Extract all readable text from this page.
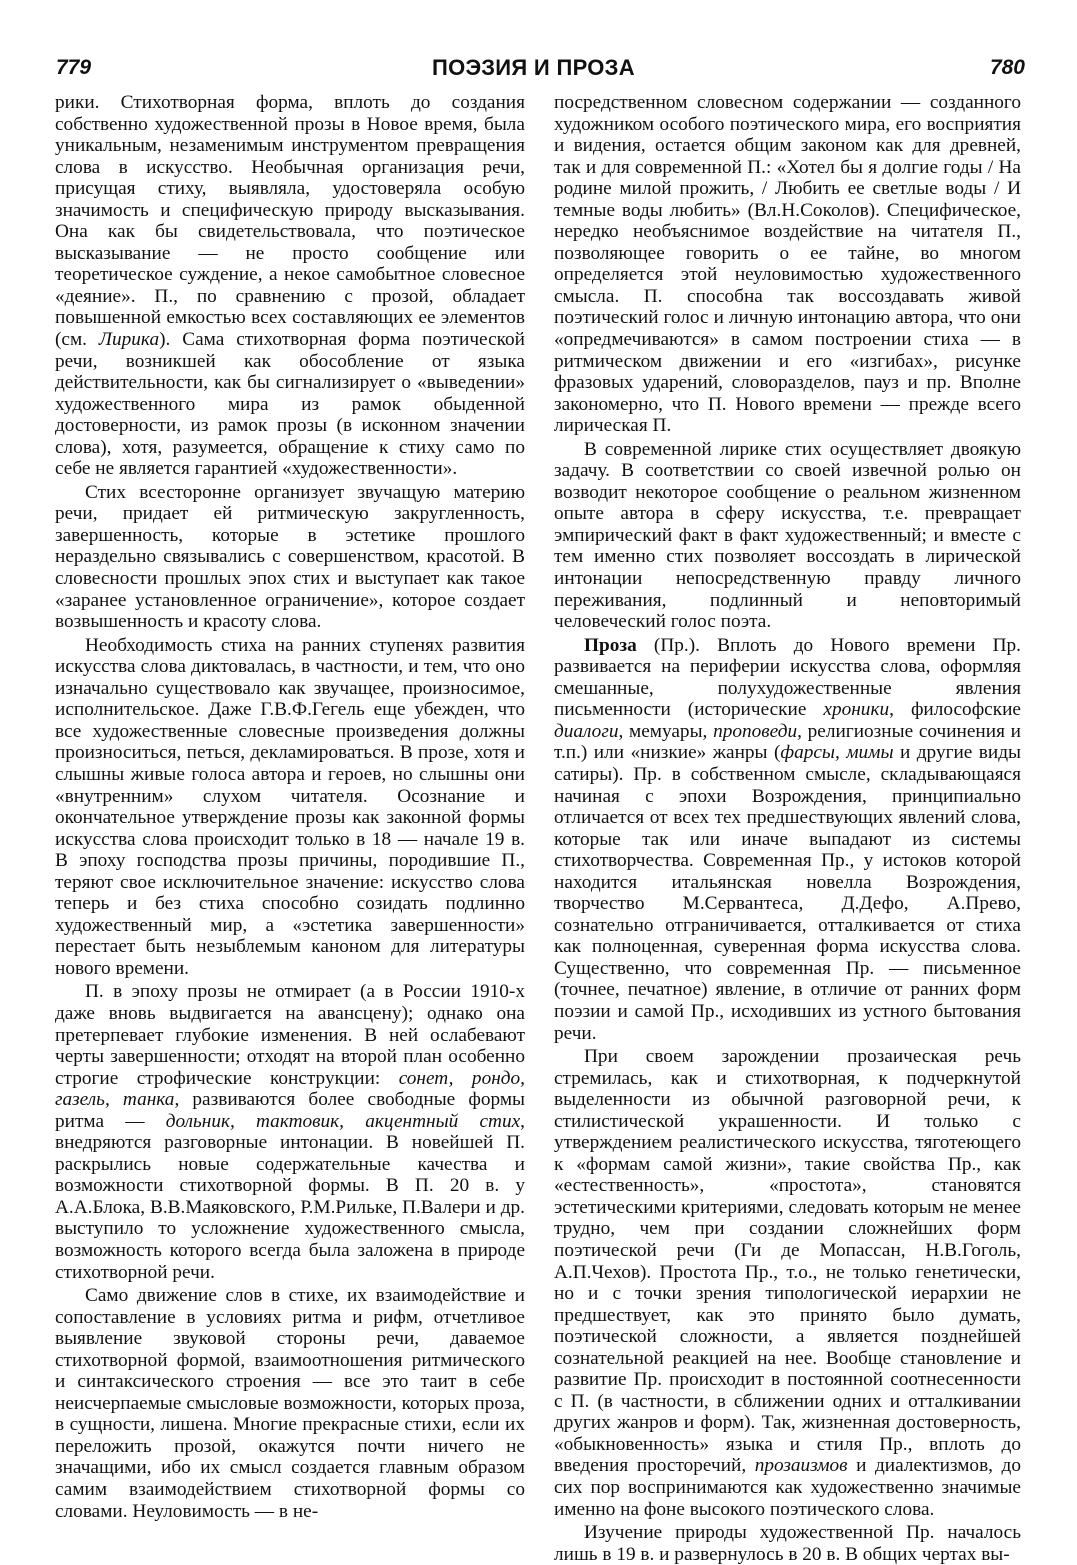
779	ПОЭЗИЯ И ПРОЗА	780

рики. Стихотворная форма, вплоть до создания собственно художественной прозы в Новое время, была уникальным, незаменимым инструментом превращения слова в искусство. Необычная организация речи, присущая стиху, выявляла, удостоверяла особую значимость и специфическую природу высказывания. Она как бы свидетельствовала, что поэтическое высказывание — не просто сообщение или теоретическое суждение, а некое самобытное словесное «деяние». П., по сравнению с прозой, обладает повышенной емкостью всех составляющих ее элементов (см. Лирика). Сама стихотворная форма поэтической речи, возникшей как обособление от языка действительности, как бы сигнализирует о «выведении» художественного мира из рамок обыденной достоверности, из рамок прозы (в исконном значении слова), хотя, разумеется, обращение к стиху само по себе не является гарантией «художественности».

Стих всесторонне организует звучащую материю речи, придает ей ритмическую закругленность, завершенность, которые в эстетике прошлого нераздельно связывались с совершенством, красотой. В словесности прошлых эпох стих и выступает как такое «заранее установленное ограничение», которое создает возвышенность и красоту слова.

Необходимость стиха на ранних ступенях развития искусства слова диктовалась, в частности, и тем, что оно изначально существовало как звучащее, произносимое, исполнительское. Даже Г.В.Ф.Гегель еще убежден, что все художественные словесные произведения должны произноситься, петься, декламироваться. В прозе, хотя и слышны живые голоса автора и героев, но слышны они «внутренним» слухом читателя. Осознание и окончательное утверждение прозы как законной формы искусства слова происходит только в 18 — начале 19 в. В эпоху господства прозы причины, породившие П., теряют свое исключительное значение: искусство слова теперь и без стиха способно созидать подлинно художественный мир, а «эстетика завершенности» перестает быть незыблемым каноном для литературы нового времени.

П. в эпоху прозы не отмирает (а в России 1910-х даже вновь выдвигается на авансцену); однако она претерпевает глубокие изменения. В ней ослабевают черты завершенности; отходят на второй план особенно строгие строфические конструкции: сонет, рондо, газель, танка, развиваются более свободные формы ритма — дольник, тактовик, акцентный стих, внедряются разговорные интонации. В новейшей П. раскрылись новые содержательные качества и возможности стихотворной формы. В П. 20 в. у А.А.Блока, В.В.Маяковского, Р.М.Рильке, П.Валери и др. выступило то усложнение художественного смысла, возможность которого всегда была заложена в природе стихотворной речи.

Само движение слов в стихе, их взаимодействие и сопоставление в условиях ритма и рифм, отчетливое выявление звуковой стороны речи, даваемое стихотворной формой, взаимоотношения ритмического и синтаксического строения — все это таит в себе неисчерпаемые смысловые возможности, которых проза, в сущности, лишена. Многие прекрасные стихи, если их переложить прозой, окажутся почти ничего не значащими, ибо их смысл создается главным образом самим взаимодействием стихотворной формы со словами. Неуловимость — в не-

посредственном словесном содержании — созданного художником особого поэтического мира, его восприятия и видения, остается общим законом как для древней, так и для современной П.: «Хотел бы я долгие годы / На родине милой прожить, / Любить ее светлые воды / И темные воды любить» (Вл.Н.Соколов). Специфическое, нередко необъяснимое воздействие на читателя П., позволяющее говорить о ее тайне, во многом определяется этой неуловимостью художественного смысла. П. способна так воссоздавать живой поэтический голос и личную интонацию автора, что они «опредмечиваются» в самом построении стиха — в ритмическом движении и его «изгибах», рисунке фразовых ударений, словоразделов, пауз и пр. Вполне закономерно, что П. Нового времени — прежде всего лирическая П.

В современной лирике стих осуществляет двоякую задачу. В соответствии со своей извечной ролью он возводит некоторое сообщение о реальном жизненном опыте автора в сферу искусства, т.е. превращает эмпирический факт в факт художественный; и вместе с тем именно стих позволяет воссоздать в лирической интонации непосредственную правду личного переживания, подлинный и неповторимый человеческий голос поэта.

Проза (Пр.). Вплоть до Нового времени Пр. развивается на периферии искусства слова, оформляя смешанные, полухудожественные явления письменности (исторические хроники, философские диалоги, мемуары, проповеди, религиозные сочинения и т.п.) или «низкие» жанры (фарсы, мимы и другие виды сатиры). Пр. в собственном смысле, складывающаяся начиная с эпохи Возрождения, принципиально отличается от всех тех предшествующих явлений слова, которые так или иначе выпадают из системы стихотворчества. Современная Пр., у истоков которой находится итальянская новелла Возрождения, творчество М.Сервантеса, Д.Дефо, А.Прево, сознательно отграничивается, отталкивается от стиха как полноценная, суверенная форма искусства слова. Существенно, что современная Пр. — письменное (точнее, печатное) явление, в отличие от ранних форм поэзии и самой Пр., исходивших из устного бытования речи.

При своем зарождении прозаическая речь стремилась, как и стихотворная, к подчеркнутой выделенности из обычной разговорной речи, к стилистической украшенности. И только с утверждением реалистического искусства, тяготеющего к «формам самой жизни», такие свойства Пр., как «естественность», «простота», становятся эстетическими критериями, следовать которым не менее трудно, чем при создании сложнейших форм поэтической речи (Ги де Мопассан, Н.В.Гоголь, А.П.Чехов). Простота Пр., т.о., не только генетически, но и с точки зрения типологической иерархии не предшествует, как это принято было думать, поэтической сложности, а является позднейшей сознательной реакцией на нее. Вообще становление и развитие Пр. происходит в постоянной соотнесенности с П. (в частности, в сближении одних и отталкивании других жанров и форм). Так, жизненная достоверность, «обыкновенность» языка и стиля Пр., вплоть до введения просторечий, прозаизмов и диалектизмов, до сих пор воспринимаются как художественно значимые именно на фоне высокого поэтического слова.

Изучение природы художественной Пр. началось лишь в 19 в. и развернулось в 20 в. В общих чертах вы-
